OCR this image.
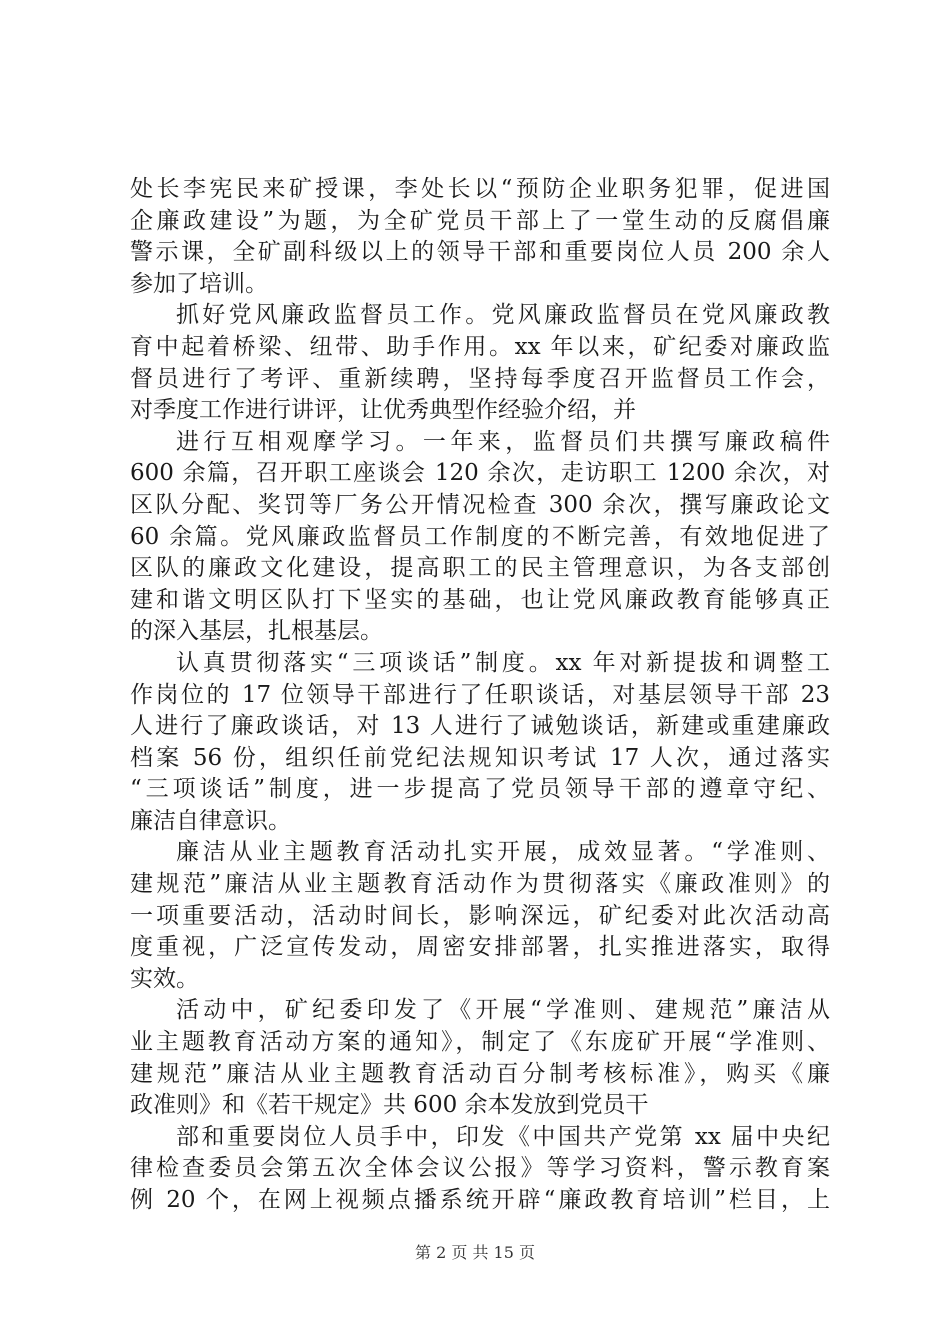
处长李宪民来矿授课，李处长以“预防企业职务犯罪，促进国
企廉政建设”为题，为全矿党员干部上了一堂生动的反腐倡廉
警示课，全矿副科级以上的领导干部和重要岗位人员 200 余人
参加了培训。
抓好党风廉政监督员工作。党风廉政监督员在党风廉政教
育中起着桥梁、纽带、助手作用。xx 年以来，矿纪委对廉政监
督员进行了考评、重新续聘，坚持每季度召开监督员工作会，
对季度工作进行讲评，让优秀典型作经验介绍，并
进行互相观摩学习。一年来，监督员们共撰写廉政稿件
600 余篇，召开职工座谈会 120 余次，走访职工 1200 余次，对
区队分配、奖罚等厂务公开情况检查 300 余次，撰写廉政论文
60 余篇。党风廉政监督员工作制度的不断完善，有效地促进了
区队的廉政文化建设，提高职工的民主管理意识，为各支部创
建和谐文明区队打下坚实的基础，也让党风廉政教育能够真正
的深入基层，扎根基层。
认真贯彻落实“三项谈话”制度。xx 年对新提拔和调整工
作岗位的 17 位领导干部进行了任职谈话，对基层领导干部 23
人进行了廉政谈话，对 13 人进行了诫勉谈话，新建或重建廉政
档案 56 份，组织任前党纪法规知识考试 17 人次，通过落实
“三项谈话”制度，进一步提高了党员领导干部的遵章守纪、
廉洁自律意识。
廉洁从业主题教育活动扎实开展，成效显著。“学准则、
建规范”廉洁从业主题教育活动作为贯彻落实《廉政准则》的
一项重要活动，活动时间长，影响深远，矿纪委对此次活动高
度重视，广泛宣传发动，周密安排部署，扎实推进落实，取得
实效。
活动中，矿纪委印发了《开展“学准则、建规范”廉洁从
业主题教育活动方案的通知》，制定了《东庞矿开展“学准则、
建规范”廉洁从业主题教育活动百分制考核标准》，购买《廉
政准则》和《若干规定》共 600 余本发放到党员干
部和重要岗位人员手中，印发《中国共产党第 xx 届中央纪
律检查委员会第五次全体会议公报》等学习资料，警示教育案
例 20 个，在网上视频点播系统开辟“廉政教育培训”栏目，上
第 2 页 共 15 页
